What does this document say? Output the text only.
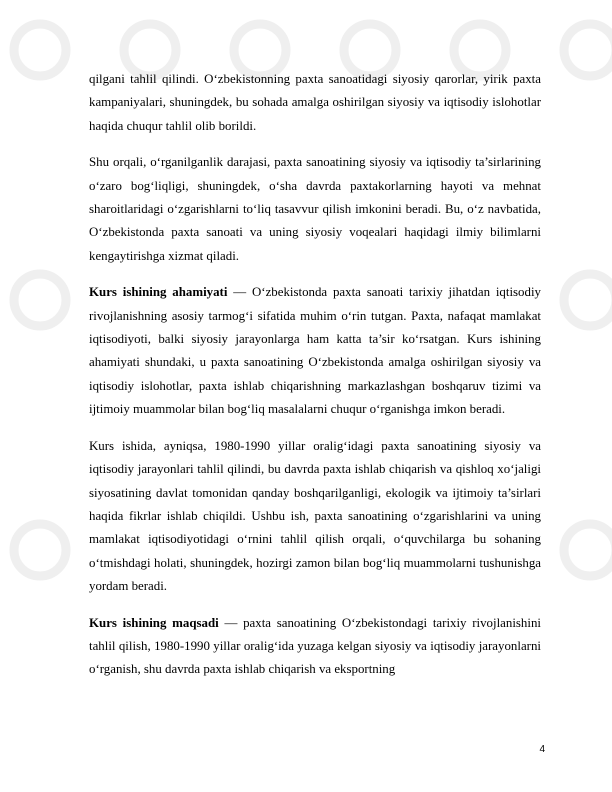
qilgani tahlil qilindi. O‘zbekistonning paxta sanoatidagi siyosiy qarorlar, yirik paxta kampaniyalari, shuningdek, bu sohada amalga oshirilgan siyosiy va iqtisodiy islohotlar haqida chuqur tahlil olib borildi.

Shu orqali, o‘rganilganlik darajasi, paxta sanoatining siyosiy va iqtisodiy ta’sirlarining o‘zaro bog‘liqligi, shuningdek, o‘sha davrda paxtakorlarning hayoti va mehnat sharoitlaridagi o‘zgarishlarni to‘liq tasavvur qilish imkonini beradi. Bu, o‘z navbatida, O‘zbekistonda paxta sanoati va uning siyosiy voqealari haqidagi ilmiy bilimlarni kengaytirishga xizmat qiladi.

Kurs ishining ahamiyati — O‘zbekistonda paxta sanoati tarixiy jihatdan iqtisodiy rivojlanishning asosiy tarmog‘i sifatida muhim o‘rin tutgan. Paxta, nafaqat mamlakat iqtisodiyoti, balki siyosiy jarayonlarga ham katta ta’sir ko‘rsatgan. Kurs ishining ahamiyati shundaki, u paxta sanoatining O‘zbekistonda amalga oshirilgan siyosiy va iqtisodiy islohotlar, paxta ishlab chiqarishning markazlashgan boshqaruv tizimi va ijtimoiy muammolar bilan bog‘liq masalalarni chuqur o‘rganishga imkon beradi.

Kurs ishida, ayniqsa, 1980-1990 yillar oralig‘idagi paxta sanoatining siyosiy va iqtisodiy jarayonlari tahlil qilindi, bu davrda paxta ishlab chiqarish va qishloq xo‘jaligi siyosatining davlat tomonidan qanday boshqarilganligi, ekologik va ijtimoiy ta’sirlari haqida fikrlar ishlab chiqildi. Ushbu ish, paxta sanoatining o‘zgarishlarini va uning mamlakat iqtisodiyotidagi o‘rnini tahlil qilish orqali, o‘quvchilarga bu sohaning o‘tmishdagi holati, shuningdek, hozirgi zamon bilan bog‘liq muammolarni tushunishga yordam beradi.

Kurs ishining maqsadi — paxta sanoatining O‘zbekistondagi tarixiy rivojlanishini tahlil qilish, 1980-1990 yillar oralig‘ida yuzaga kelgan siyosiy va iqtisodiy jarayonlarni o‘rganish, shu davrda paxta ishlab chiqarish va eksportning

4
